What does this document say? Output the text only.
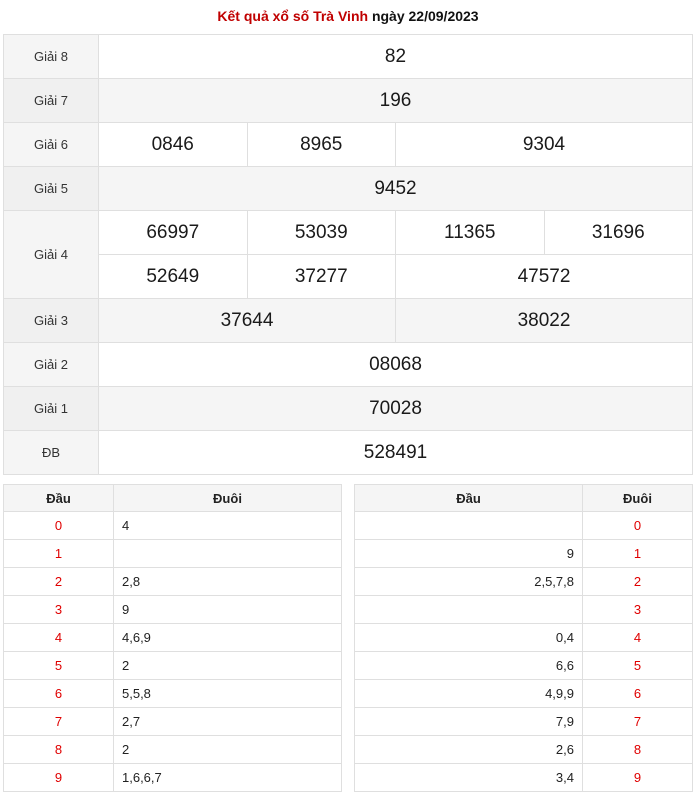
Kết quả xổ số Trà Vinh ngày 22/09/2023
Giải 8	82			
Giải 7	196			
Giải 6	0846	8965	9304	
Giải 5	9452			
Giải 4	66997	53039	11365	31696
	52649	37277	47572	
Giải 3	37644		38022	
Giải 2	08068			
Giải 1	70028			
ĐB	528491			
Đầu	Đuôi
0	4
1	
2	2,8
3	9
4	4,6,9
5	2
6	5,5,8
7	2,7
8	2
9	1,6,6,7
Đầu	Đuôi
	0
9	1
2,5,7,8	2
	3
0,4	4
6,6	5
4,9,9	6
7,9	7
2,6	8
3,4	9
